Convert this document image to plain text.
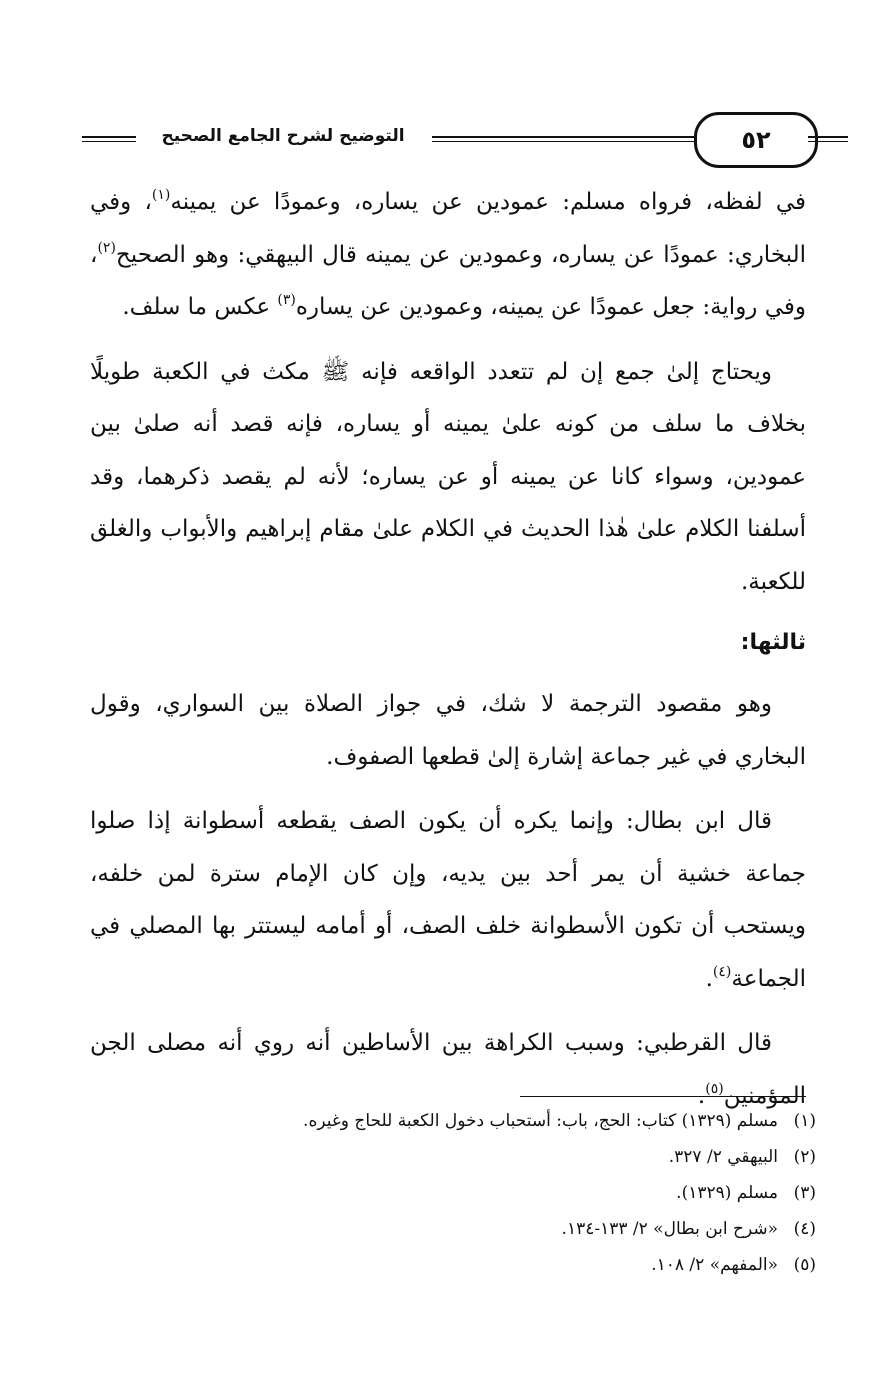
التوضيح لشرح الجامع الصحيح	٥٢

في لفظه، فرواه مسلم: عمودين عن يساره، وعمودًا عن يمينه$^{(١)}$، وفي البخاري: عمودًا عن يساره، وعمودين عن يمينه قال البيهقي: وهو الصحيح$^{(٢)}$، وفي رواية: جعل عمودًا عن يمينه، وعمودين عن يساره$^{(٣)}$ عكس ما سلف.

ويحتاج إلىٰ جمع إن لم تتعدد الواقعه فإنه ﷺ مكث في الكعبة طويلًا بخلاف ما سلف من كونه علىٰ يمينه أو يساره، فإنه قصد أنه صلىٰ بين عمودين، وسواء كانا عن يمينه أو عن يساره؛ لأنه لم يقصد ذكرهما، وقد أسلفنا الكلام علىٰ هٰذا الحديث في الكلام علىٰ مقام إبراهيم والأبواب والغلق للكعبة.

ثالثها:

وهو مقصود الترجمة لا شك، في جواز الصلاة بين السواري، وقول البخاري في غير جماعة إشارة إلىٰ قطعها الصفوف.

قال ابن بطال: وإنما يكره أن يكون الصف يقطعه أسطوانة إذا صلوا جماعة خشية أن يمر أحد بين يديه، وإن كان الإمام سترة لمن خلفه، ويستحب أن تكون الأسطوانة خلف الصف، أو أمامه ليستتر بها المصلي في الجماعة$^{(٤)}$.

قال القرطبي: وسبب الكراهة بين الأساطين أنه روي أنه مصلى الجن المؤمنين$^{(٥)}$.

(١)
مسلم (١٣٢٩) كتاب: الحج، باب: أستحباب دخول الكعبة للحاج وغيره.
(٢)
البيهقي ٢/ ٣٢٧.
(٣)
مسلم (١٣٢٩).
(٤)
«شرح ابن بطال» ٢/ ١٣٣-١٣٤.
(٥)
«المفهم» ٢/ ١٠٨.
